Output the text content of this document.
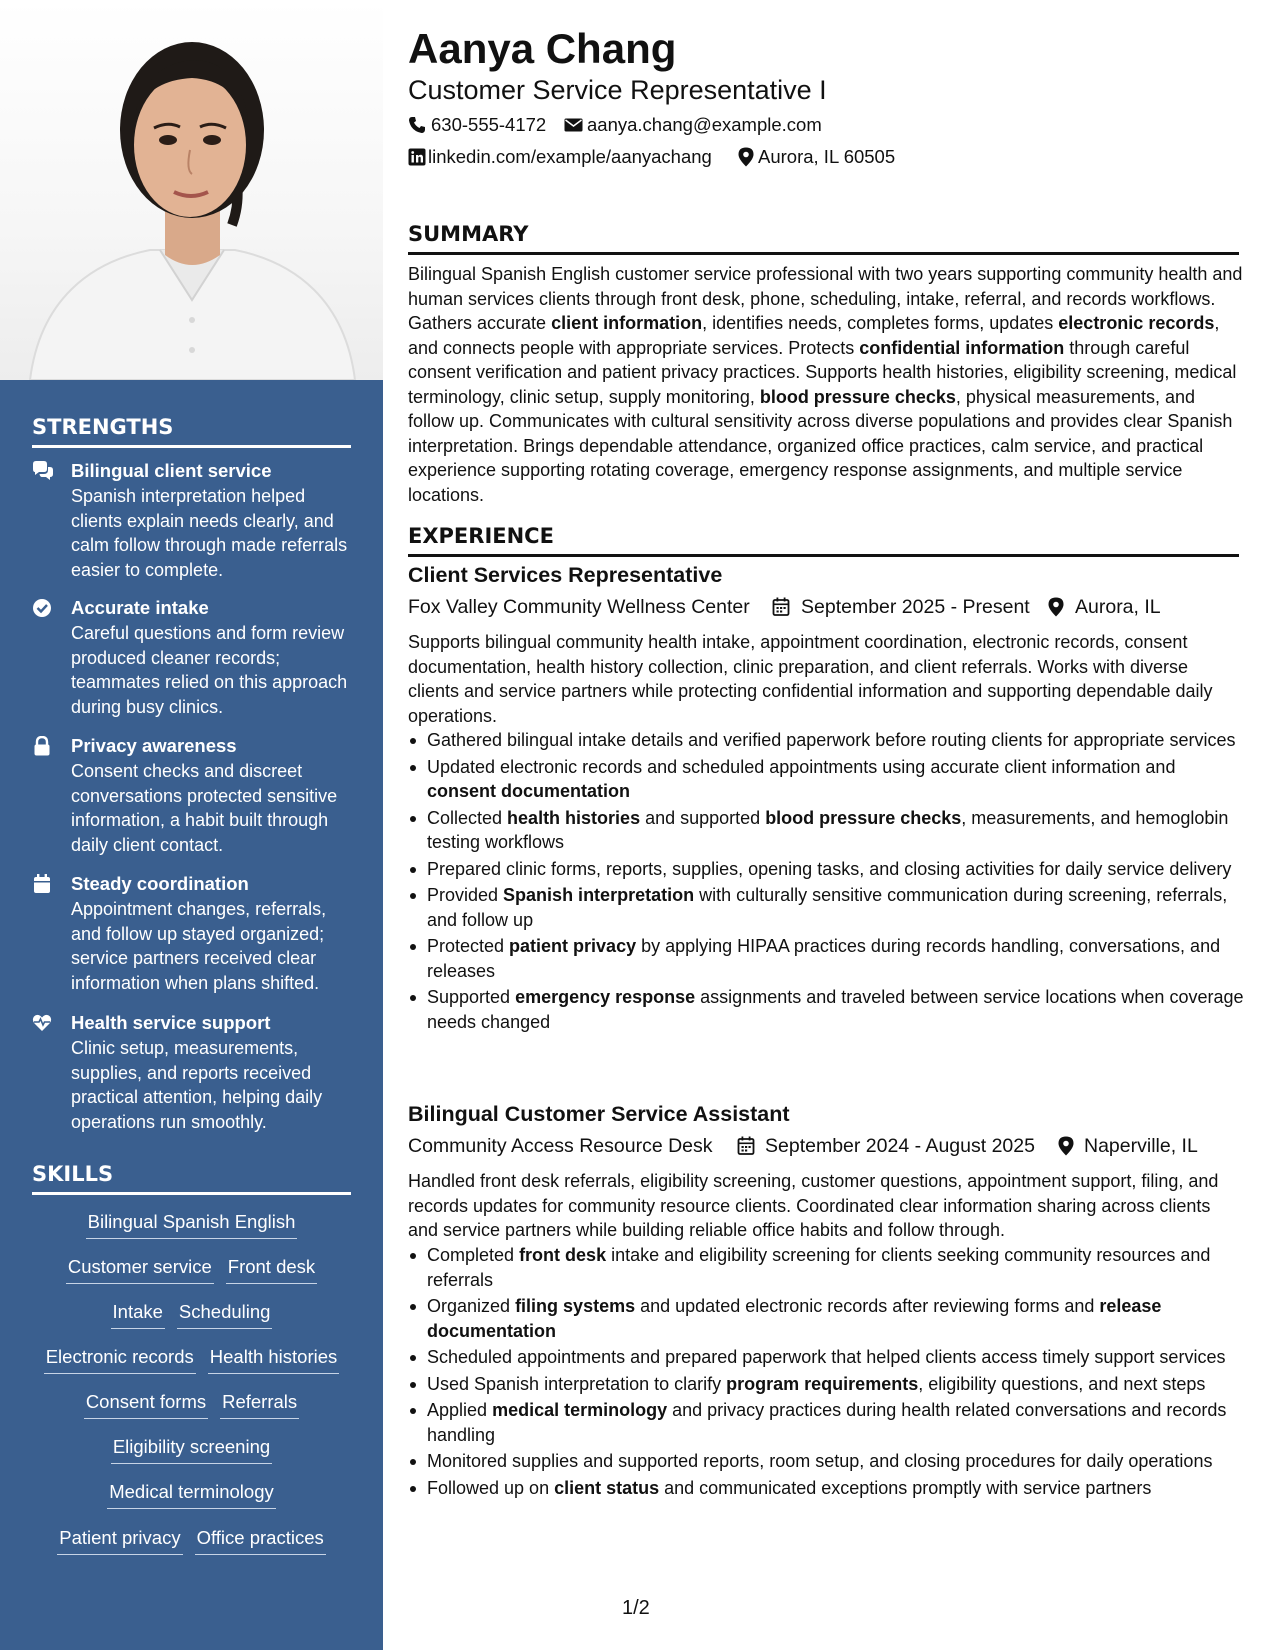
STRENGTHS
Bilingual client service
Spanish interpretation helped clients explain needs clearly, and calm follow through made referrals easier to complete.
Accurate intake
Careful questions and form review produced cleaner records; teammates relied on this approach during busy clinics.
Privacy awareness
Consent checks and discreet conversations protected sensitive information, a habit built through daily client contact.
Steady coordination
Appointment changes, referrals, and follow up stayed organized; service partners received clear information when plans shifted.
Health service support
Clinic setup, measurements, supplies, and reports received practical attention, helping daily operations run smoothly.
SKILLS
Bilingual Spanish English
Customer service Front desk
Intake Scheduling
Electronic records Health histories
Consent forms Referrals
Eligibility screening
Medical terminology
Patient privacy Office practices
Aanya Chang
Customer Service Representative I
630-555-4172 aanya.chang@example.com
linkedin.com/example/aanyachang Aurora, IL 60505
SUMMARY
Bilingual Spanish English customer service professional with two years supporting community health and human services clients through front desk, phone, scheduling, intake, referral, and records workflows. Gathers accurate client information, identifies needs, completes forms, updates electronic records, and connects people with appropriate services. Protects confidential information through careful consent verification and patient privacy practices. Supports health histories, eligibility screening, medical terminology, clinic setup, supply monitoring, blood pressure checks, physical measurements, and follow up. Communicates with cultural sensitivity across diverse populations and provides clear Spanish interpretation. Brings dependable attendance, organized office practices, calm service, and practical experience supporting rotating coverage, emergency response assignments, and multiple service locations.
EXPERIENCE
Client Services Representative
Fox Valley Community Wellness Center	September 2025 - Present Aurora, IL
Supports bilingual community health intake, appointment coordination, electronic records, consent documentation, health history collection, clinic preparation, and client referrals. Works with diverse clients and service partners while protecting confidential information and supporting dependable daily operations.
Gathered bilingual intake details and verified paperwork before routing clients for appropriate services
Updated electronic records and scheduled appointments using accurate client information and consent documentation
Collected health histories and supported blood pressure checks, measurements, and hemoglobin testing workflows
Prepared clinic forms, reports, supplies, opening tasks, and closing activities for daily service delivery
Provided Spanish interpretation with culturally sensitive communication during screening, referrals, and follow up
Protected patient privacy by applying HIPAA practices during records handling, conversations, and releases
Supported emergency response assignments and traveled between service locations when coverage needs changed
Bilingual Customer Service Assistant
Community Access Resource Desk	September 2024 - August 2025	Naperville, IL
Handled front desk referrals, eligibility screening, customer questions, appointment support, filing, and records updates for community resource clients. Coordinated clear information sharing across clients and service partners while building reliable office habits and follow through.
Completed front desk intake and eligibility screening for clients seeking community resources and referrals
Organized filing systems and updated electronic records after reviewing forms and release documentation
Scheduled appointments and prepared paperwork that helped clients access timely support services
Used Spanish interpretation to clarify program requirements, eligibility questions, and next steps
Applied medical terminology and privacy practices during health related conversations and records handling
Monitored supplies and supported reports, room setup, and closing procedures for daily operations
Followed up on client status and communicated exceptions promptly with service partners
1/2
